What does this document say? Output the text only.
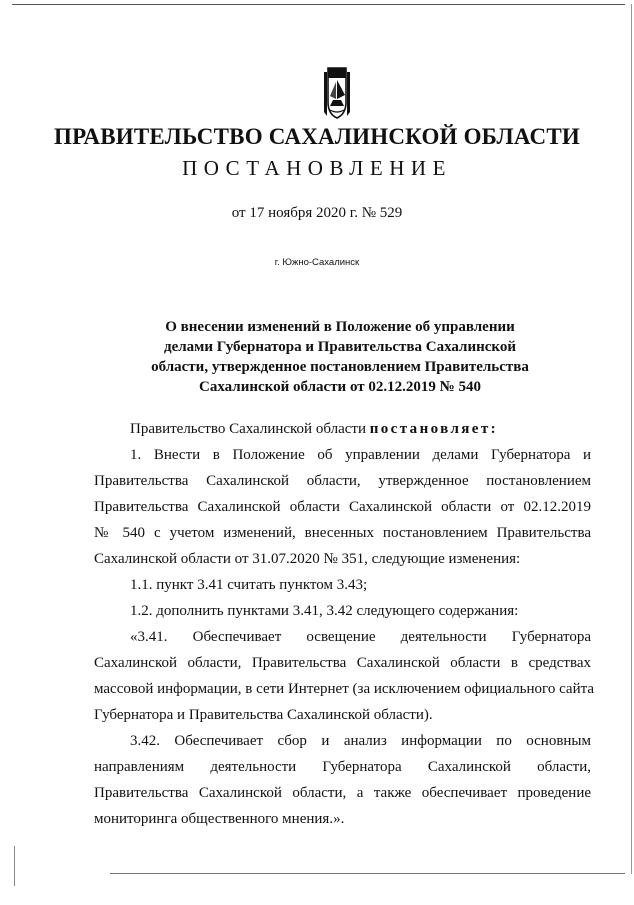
ПРАВИТЕЛЬСТВО САХАЛИНСКОЙ ОБЛАСТИ
ПОСТАНОВЛЕНИЕ
от 17 ноября 2020 г. № 529
г. Южно-Сахалинск
О внесении изменений в Положение об управлении
делами Губернатора и Правительства Сахалинской
области, утвержденное постановлением Правительства
Сахалинской области от 02.12.2019 № 540
Правительство Сахалинской области постановляет:
1. Внести в Положение об управлении делами Губернатора и
Правительства Сахалинской области, утвержденное постановлением
Правительства Сахалинской области Сахалинской области от 02.12.2019
№ 540 с учетом изменений, внесенных постановлением Правительства
Сахалинской области от 31.07.2020 № 351, следующие изменения:
1.1. пункт 3.41 считать пунктом 3.43;
1.2. дополнить пунктами 3.41, 3.42 следующего содержания:
«3.41. Обеспечивает освещение деятельности Губернатора
Сахалинской области, Правительства Сахалинской области в средствах
массовой информации, в сети Интернет (за исключением официального сайта
Губернатора и Правительства Сахалинской области).
3.42. Обеспечивает сбор и анализ информации по основным
направлениям деятельности Губернатора Сахалинской области,
Правительства Сахалинской области, а также обеспечивает проведение
мониторинга общественного мнения.».
